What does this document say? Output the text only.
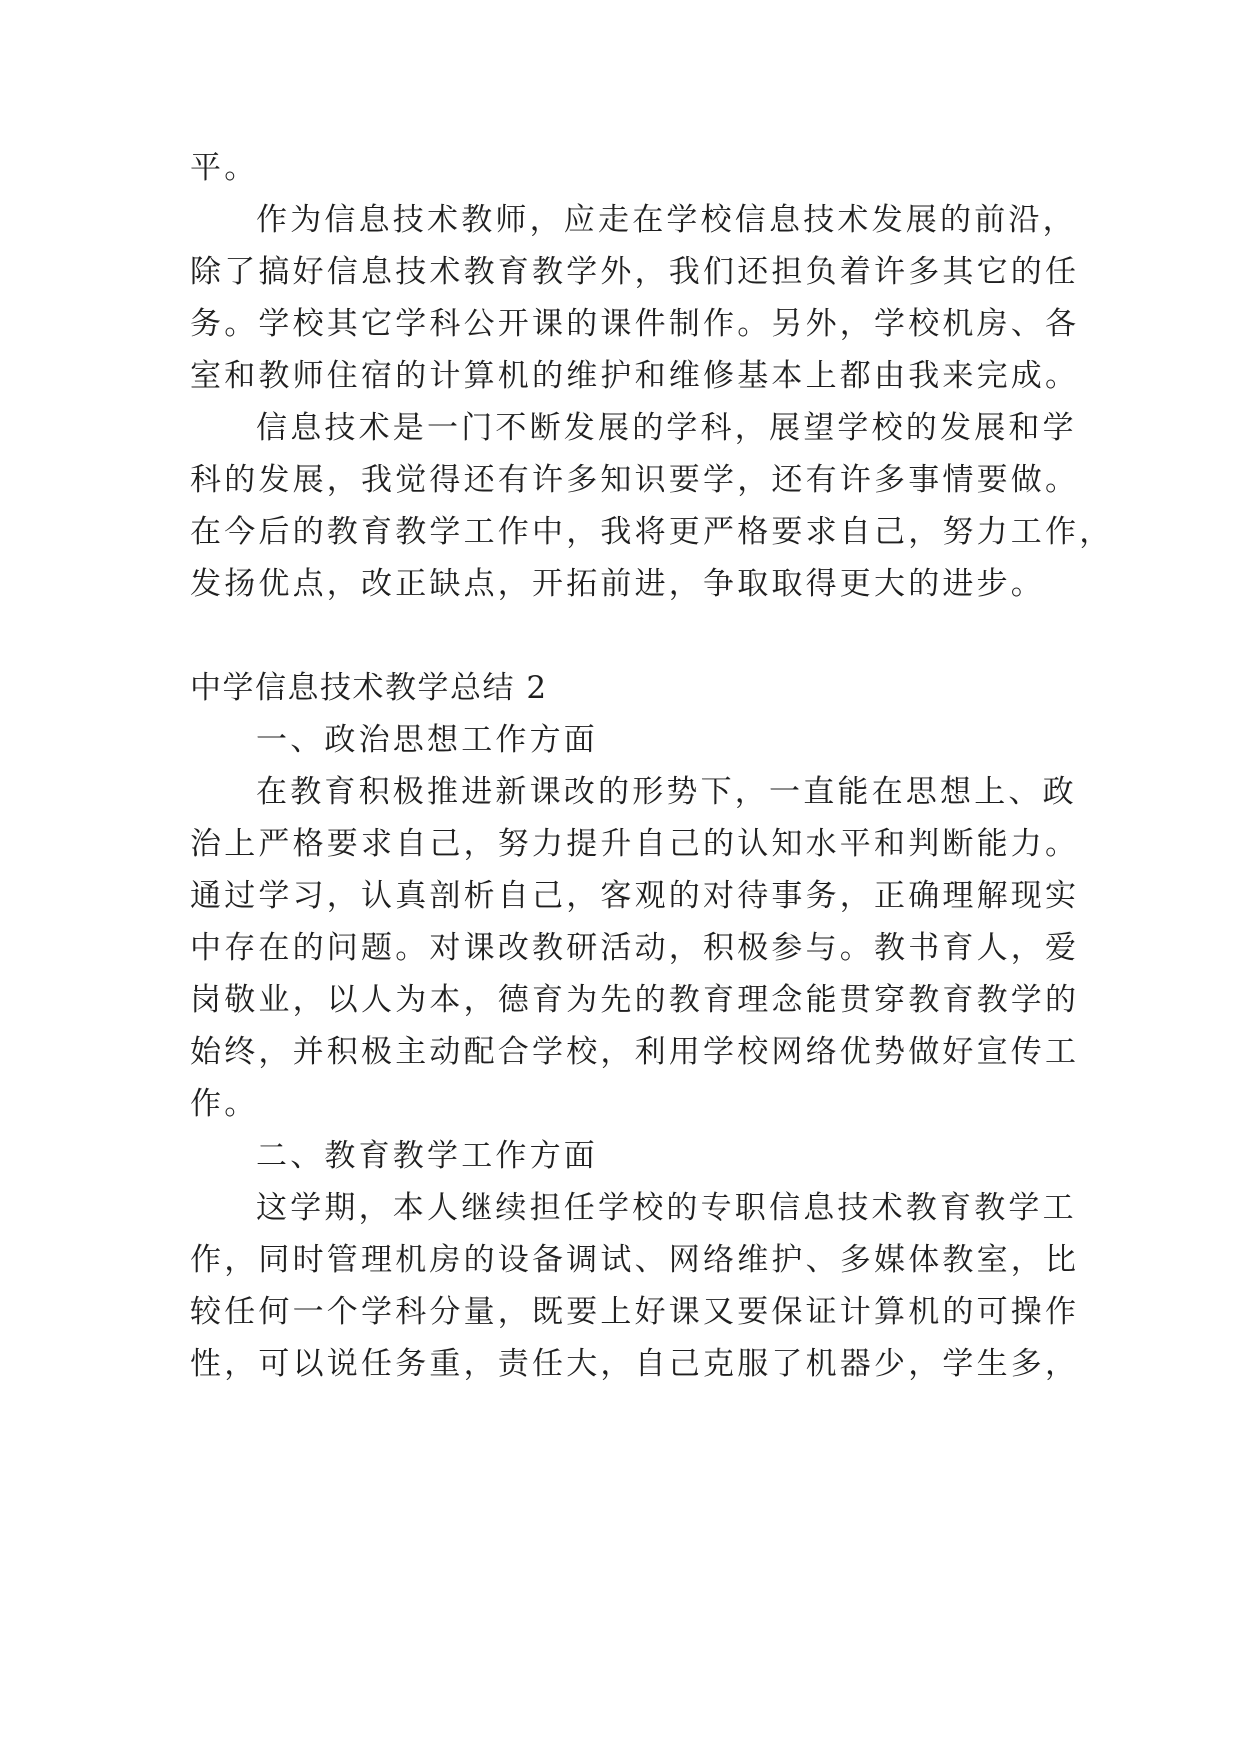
平。
作为信息技术教师，应走在学校信息技术发展的前沿，
除了搞好信息技术教育教学外，我们还担负着许多其它的任
务。学校其它学科公开课的课件制作。另外，学校机房、各
室和教师住宿的计算机的维护和维修基本上都由我来完成。
信息技术是一门不断发展的学科，展望学校的发展和学
科的发展，我觉得还有许多知识要学，还有许多事情要做。
在今后的教育教学工作中，我将更严格要求自己，努力工作，
发扬优点，改正缺点，开拓前进，争取取得更大的进步。
中学信息技术教学总结 2
一、政治思想工作方面
在教育积极推进新课改的形势下，一直能在思想上、政
治上严格要求自己，努力提升自己的认知水平和判断能力。
通过学习，认真剖析自己，客观的对待事务，正确理解现实
中存在的问题。对课改教研活动，积极参与。教书育人，爱
岗敬业，以人为本，德育为先的教育理念能贯穿教育教学的
始终，并积极主动配合学校，利用学校网络优势做好宣传工
作。
二、教育教学工作方面
这学期，本人继续担任学校的专职信息技术教育教学工
作，同时管理机房的设备调试、网络维护、多媒体教室，比
较任何一个学科分量，既要上好课又要保证计算机的可操作
性，可以说任务重，责任大，自己克服了机器少，学生多，
